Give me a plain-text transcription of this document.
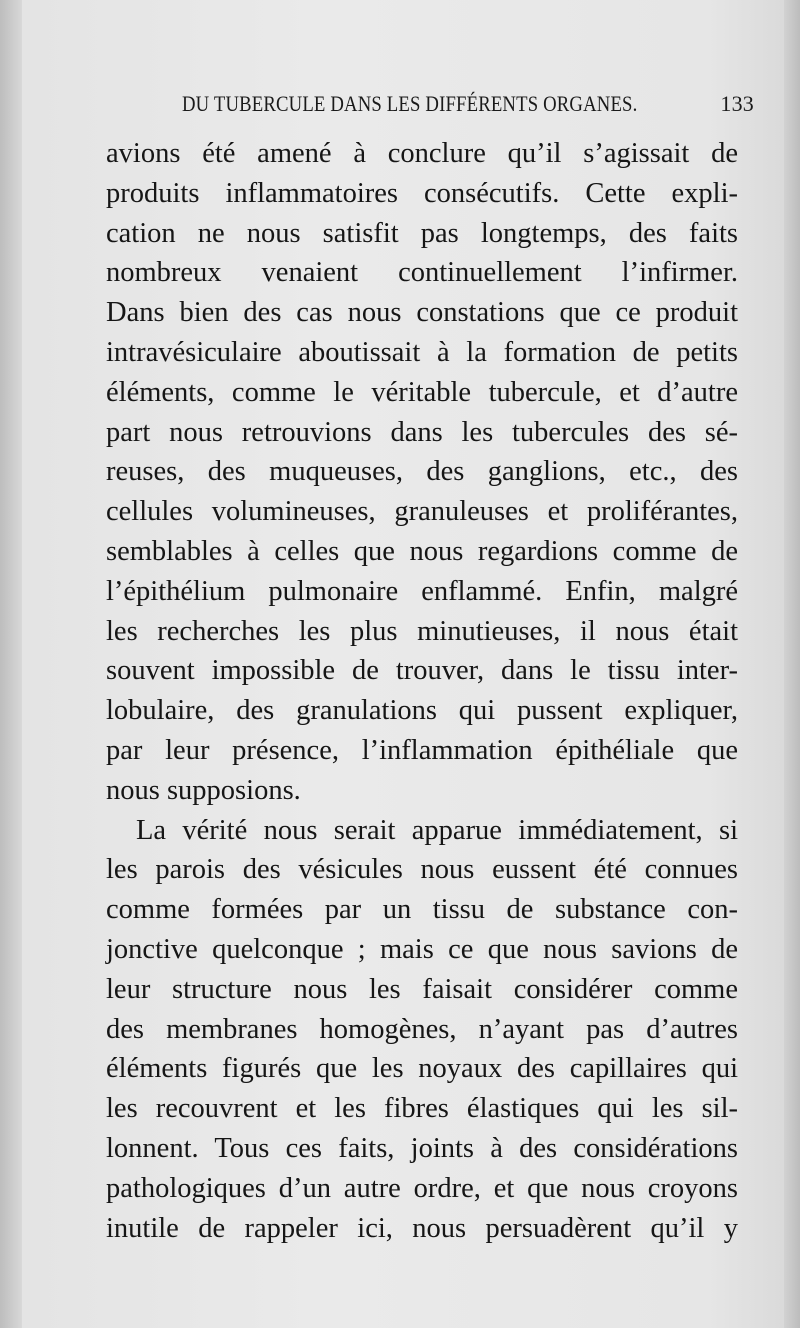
DU TUBERCULE DANS LES DIFFÉRENTS ORGANES.	133
avions été amené à conclure qu’il s’agissait de
produits inflammatoires consécutifs. Cette expli-
cation ne nous satisfit pas longtemps, des faits
nombreux venaient continuellement l’infirmer.
Dans bien des cas nous constations que ce produit
intravésiculaire aboutissait à la formation de petits
éléments, comme le véritable tubercule, et d’autre
part nous retrouvions dans les tubercules des sé-
reuses, des muqueuses, des ganglions, etc., des
cellules volumineuses, granuleuses et proliférantes,
semblables à celles que nous regardions comme de
l’épithélium pulmonaire enflammé. Enfin, malgré
les recherches les plus minutieuses, il nous était
souvent impossible de trouver, dans le tissu inter-
lobulaire, des granulations qui pussent expliquer,
par leur présence, l’inflammation épithéliale que
nous supposions.
La vérité nous serait apparue immédiatement, si
les parois des vésicules nous eussent été connues
comme formées par un tissu de substance con-
jonctive quelconque ; mais ce que nous savions de
leur structure nous les faisait considérer comme
des membranes homogènes, n’ayant pas d’autres
éléments figurés que les noyaux des capillaires qui
les recouvrent et les fibres élastiques qui les sil-
lonnent. Tous ces faits, joints à des considérations
pathologiques d’un autre ordre, et que nous croyons
inutile de rappeler ici, nous persuadèrent qu’il y
